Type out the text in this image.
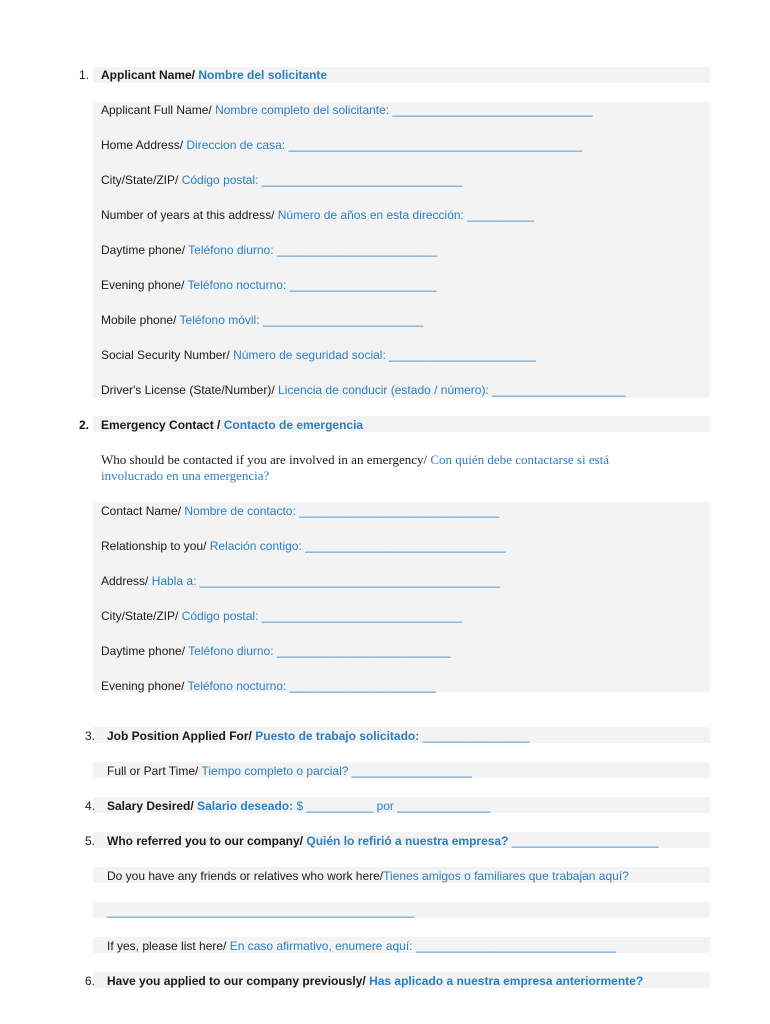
1. Applicant Name/ Nombre del solicitante
Applicant Full Name/ Nombre completo del solicitante: ______________________________
Home Address/ Direccion de casa: ____________________________________________
City/State/ZIP/ Código postal: ______________________________
Number of years at this address/ Número de años en esta dirección: __________
Daytime phone/ Teléfono diurno: ________________________
Evening phone/ Teléfono nocturno: ______________________
Mobile phone/ Teléfono móvil: ________________________
Social Security Number/ Número de seguridad social: ______________________
Driver's License (State/Number)/ Licencia de conducir (estado / número): ____________________
2. Emergency Contact / Contacto de emergencia
Who should be contacted if you are involved in an emergency/ Con quién debe contactarse si está
involucrado en una emergencia?
Contact Name/ Nombre de contacto: ______________________________
Relationship to you/ Relación contigo: ______________________________
Address/ Habla a: _____________________________________________
City/State/ZIP/ Código postal: ______________________________
Daytime phone/ Teléfono diurno: __________________________
Evening phone/ Teléfono nocturno: ______________________
3. Job Position Applied For/ Puesto de trabajo solicitado: ________________
Full or Part Time/ Tiempo completo o parcial? __________________
4. Salary Desired/ Salario deseado: $ __________ por ______________
5. Who referred you to our company/ Quién lo refirió a nuestra empresa? ______________________
Do you have any friends or relatives who work here/Tienes amigos o familiares que trabajan aquí?
______________________________________________
If yes, please list here/ En caso afirmativo, enumere aquí: ______________________________
6. Have you applied to our company previously/ Has aplicado a nuestra empresa anteriormente?
